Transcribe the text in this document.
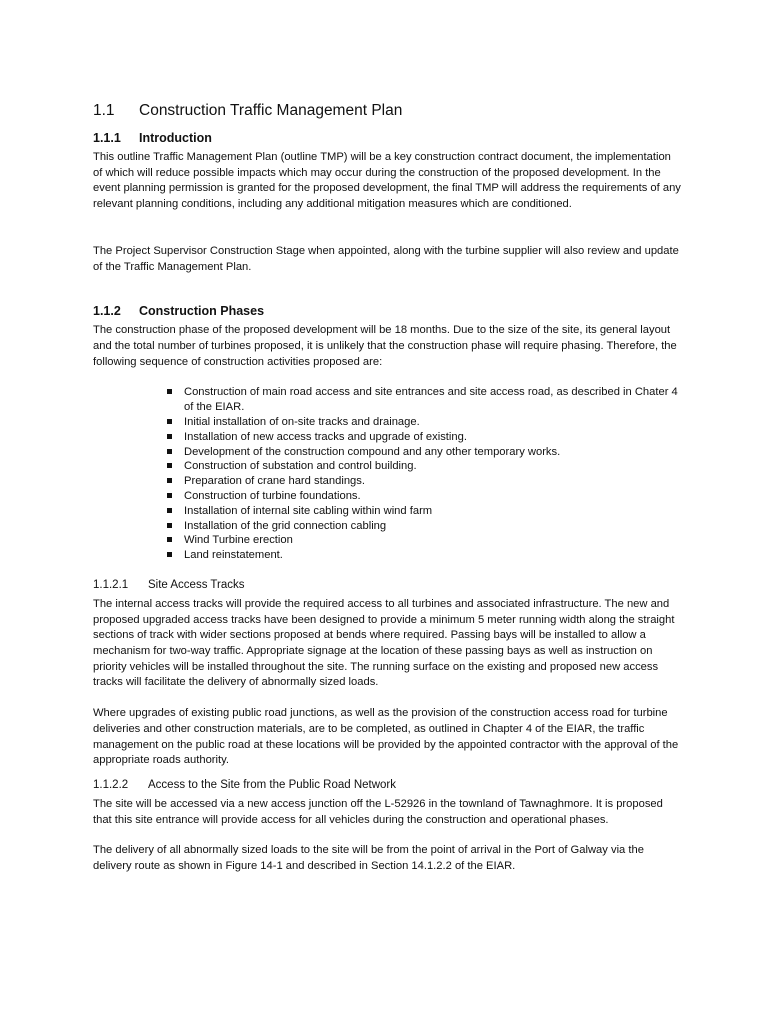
1.1	Construction Traffic Management Plan
1.1.1	Introduction

This outline Traffic Management Plan (outline TMP) will be a key construction contract document, the implementation of which will reduce possible impacts which may occur during the construction of the proposed development. In the event planning permission is granted for the proposed development, the final TMP will address the requirements of any relevant planning conditions, including any additional mitigation measures which are conditioned.

The Project Supervisor Construction Stage when appointed, along with the turbine supplier will also review and update of the Traffic Management Plan.

1.1.2	Construction Phases

The construction phase of the proposed development will be 18 months. Due to the size of the site, its general layout and the total number of turbines proposed, it is unlikely that the construction phase will require phasing. Therefore, the following sequence of construction activities proposed are:

Construction of main road access and site entrances and site access road, as described in Chater 4 of the EIAR.
Initial installation of on-site tracks and drainage.
Installation of new access tracks and upgrade of existing.
Development of the construction compound and any other temporary works.
Construction of substation and control building.
Preparation of crane hard standings.
Construction of turbine foundations.
Installation of internal site cabling within wind farm
Installation of the grid connection cabling
Wind Turbine erection
Land reinstatement.
1.1.2.1	Site Access Tracks

The internal access tracks will provide the required access to all turbines and associated infrastructure. The new and proposed upgraded access tracks have been designed to provide a minimum 5 meter running width along the straight sections of track with wider sections proposed at bends where required. Passing bays will be installed to allow a mechanism for two-way traffic. Appropriate signage at the location of these passing bays as well as instruction on priority vehicles will be installed throughout the site. The running surface on the existing and proposed new access tracks will facilitate the delivery of abnormally sized loads.

Where upgrades of existing public road junctions, as well as the provision of the construction access road for turbine deliveries and other construction materials, are to be completed, as outlined in Chapter 4 of the EIAR, the traffic management on the public road at these locations will be provided by the appointed contractor with the approval of the appropriate roads authority.

1.1.2.2	Access to the Site from the Public Road Network

The site will be accessed via a new access junction off the L-52926 in the townland of Tawnaghmore. It is proposed that this site entrance will provide access for all vehicles during the construction and operational phases.

The delivery of all abnormally sized loads to the site will be from the point of arrival in the Port of Galway via the delivery route as shown in Figure 14-1 and described in Section 14.1.2.2 of the EIAR.
